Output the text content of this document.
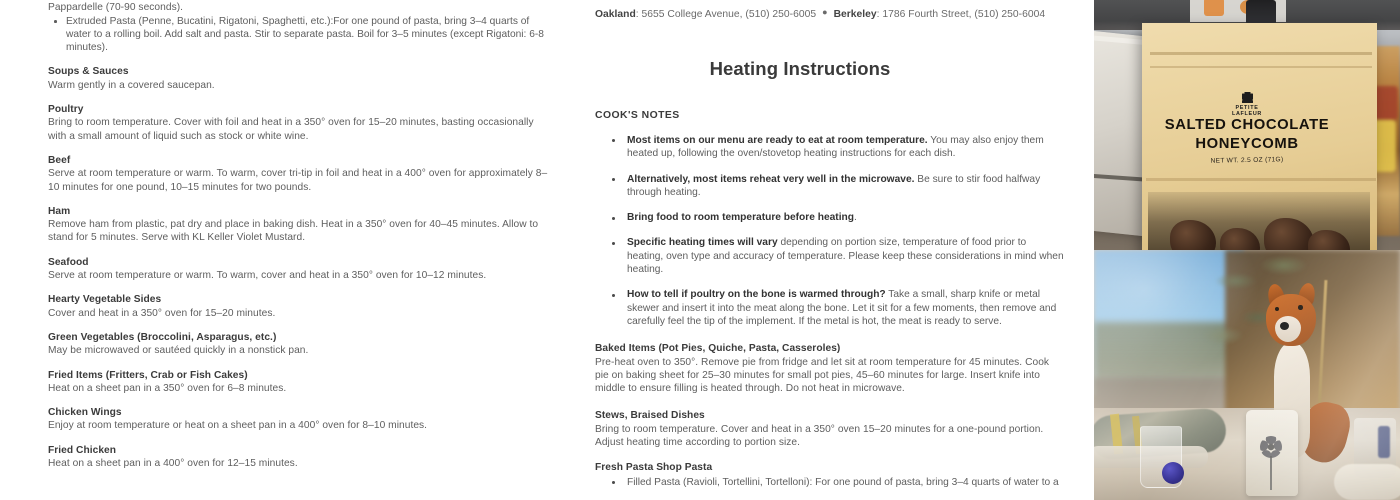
Pappardelle (70-90 seconds).
Extruded Pasta (Penne, Bucatini, Rigatoni, Spaghetti, etc.):For one pound of pasta, bring 3–4 quarts of water to a rolling boil. Add salt and pasta. Stir to separate pasta. Boil for 3–5 minutes (except Rigatoni: 6-8 minutes).
Soups & Sauces
Warm gently in a covered saucepan.
Poultry
Bring to room temperature. Cover with foil and heat in a 350° oven for 15–20 minutes, basting occasionally with a small amount of liquid such as stock or white wine.
Beef
Serve at room temperature or warm. To warm, cover tri-tip in foil and heat in a 400° oven for approximately 8–10 minutes for one pound, 10–15 minutes for two pounds.
Ham
Remove ham from plastic, pat dry and place in baking dish. Heat in a 350° oven for 40–45 minutes. Allow to stand for 5 minutes. Serve with KL Keller Violet Mustard.
Seafood
Serve at room temperature or warm. To warm, cover and heat in a 350° oven for 10–12 minutes.
Hearty Vegetable Sides
Cover and heat in a 350° oven for 15–20 minutes.
Green Vegetables (Broccolini, Asparagus, etc.)
May be microwaved or sautéed quickly in a nonstick pan.
Fried Items (Fritters, Crab or Fish Cakes)
Heat on a sheet pan in a 350° oven for 6–8 minutes.
Chicken Wings
Enjoy at room temperature or heat on a sheet pan in a 400° oven for 8–10 minutes.
Fried Chicken
Heat on a sheet pan in a 400° oven for 12–15 minutes.
Oakland: 5655 College Avenue, (510) 250-6005 ● Berkeley: 1786 Fourth Street, (510) 250-6004
Heating Instructions
COOK'S NOTES
Most items on our menu are ready to eat at room temperature. You may also enjoy them heated up, following the oven/stovetop heating instructions for each dish.
Alternatively, most items reheat very well in the microwave. Be sure to stir food halfway through heating.
Bring food to room temperature before heating.
Specific heating times will vary depending on portion size, temperature of food prior to heating, oven type and accuracy of temperature. Please keep these considerations in mind when heating.
How to tell if poultry on the bone is warmed through? Take a small, sharp knife or metal skewer and insert it into the meat along the bone. Let it sit for a few moments, then remove and carefully feel the tip of the implement. If the metal is hot, the meat is ready to serve.
Baked Items (Pot Pies, Quiche, Pasta, Casseroles)
Pre-heat oven to 350°. Remove pie from fridge and let sit at room temperature for 45 minutes. Cook pie on baking sheet for 25–30 minutes for small pot pies, 45–60 minutes for large. Insert knife into middle to ensure filling is heated through. Do not heat in microwave.
Stews, Braised Dishes
Bring to room temperature. Cover and heat in a 350° oven 15–20 minutes for a one-pound portion. Adjust heating time according to portion size.
Fresh Pasta Shop Pasta
Filled Pasta (Ravioli, Tortellini, Tortelloni): For one pound of pasta, bring 3–4 quarts of water to a
PETITE
LAFLEUR
SALTED CHOCOLATE
HONEYCOMB
NET WT. 2.5 OZ (71G)
